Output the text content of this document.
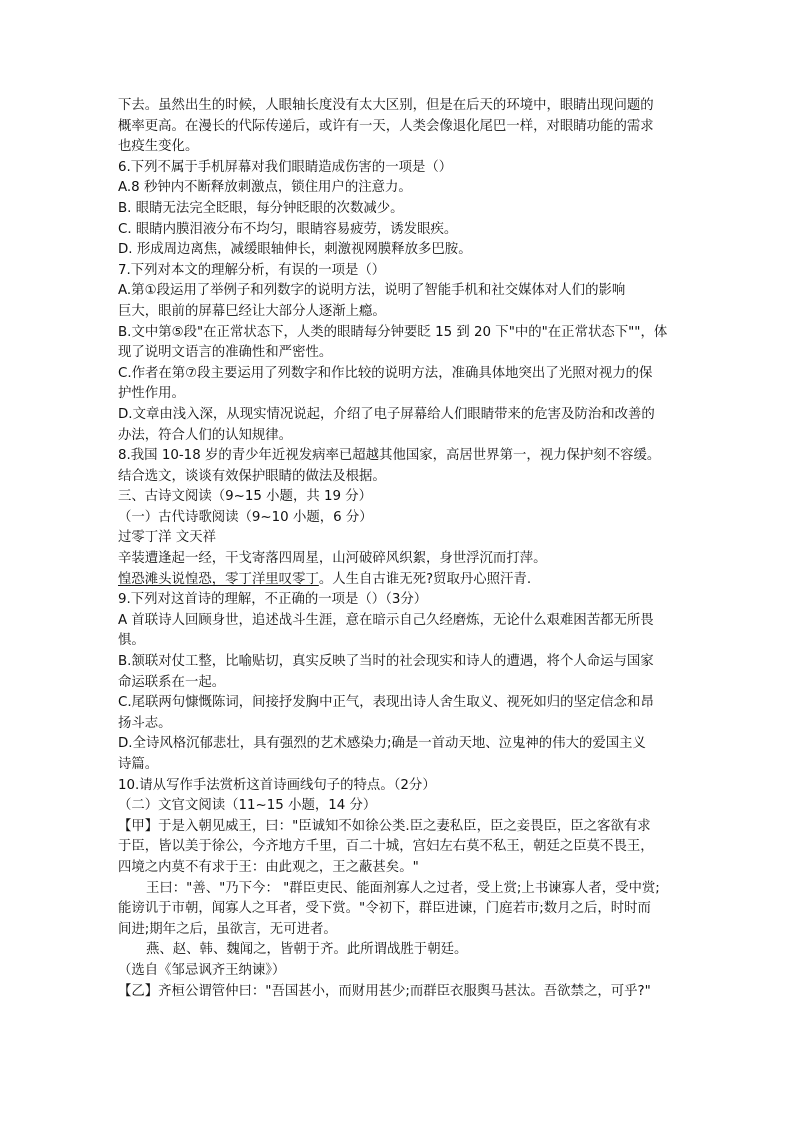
下去。虽然出生的时候，人眼轴长度没有太大区别，但是在后天的环境中，眼睛出现问题的
概率更高。在漫长的代际传递后，或许有一天，人类会像退化尾巴一样，对眼睛功能的需求
也疫生变化。
6.下列不属于手机屏幕对我们眼睛造成伤害的一项是（）
A.8 秒钟内不断释放刺激点，锁住用户的注意力。
B. 眼睛无法完全眨眼，每分钟眨眼的次数减少。
C. 眼睛内膜泪液分布不均匀，眼睛容易疲劳，诱发眼疾。
D. 形成周边离焦，减缓眼轴伸长，刺激视网膜释放多巴胺。
7.下列对本文的理解分析，有误的一项是（）
A.第①段运用了举例子和列数字的说明方法，说明了智能手机和社交媒体对人们的影响
巨大，眼前的屏幕巳经让大部分人逐渐上瘾。
B.文中第⑤段"在正常状态下，人类的眼睛每分钟要眨 15 到 20 下"中的"在正常状态下""，体
现了说明文语言的准确性和严密性。
C.作者在第⑦段主要运用了列数字和作比较的说明方法，准确具体地突出了光照对视力的保
护性作用。
D.文章由浅入深，从现实情况说起，介绍了电子屏幕给人们眼睛带来的危害及防治和改善的
办法，符合人们的认知规律。
8.我国 10-18 岁的青少年近视发病率已超越其他国家，高居世界第一，视力保护刻不容缓。
结合选文，谈谈有效保护眼睛的做法及根据。
三、古诗文阅读（9~15 小题，共 19 分）
（一）古代诗歌阅读（9~10 小题，6 分）
过零丁洋 文天祥
辛装遭逢起一经，干戈寄落四周星，山河破碎风织絮，身世浮沉而打萍。
惶恐滩头说惶恐，零丁洋里叹零丁。人生自古谁无死?贸取丹心照汗青.
9.下列对这首诗的理解，不正确的一项是（）（3分）
A 首联诗人回顾身世，追述战斗生涯，意在暗示自己久经磨炼，无论什么艰难困苦都无所畏
惧。
B.颔联对仗工整，比喻贴切，真实反映了当时的社会现实和诗人的遭遇，将个人命运与国家
命运联系在一起。
C.尾联两句慷慨陈词，间接抒发胸中正气，表现出诗人舍生取义、视死如归的坚定信念和昂
扬斗志。
D.全诗风格沉郁悲壮，具有强烈的艺术感染力;确是一首动天地、泣鬼神的伟大的爱国主义
诗篇。
10.请从写作手法赏析这首诗画线句子的特点。（2分）
（二）文官文阅读（11~15 小题，14 分）
【甲】于是入朝见威王，曰："臣诚知不如徐公类.臣之妻私臣，臣之妾畏臣，臣之客欲有求
于臣，皆以美于徐公，今齐地方千里，百二十城，宫妇左右莫不私王，朝廷之臣莫不畏王，
四境之内莫不有求于王：由此观之，王之蔽甚矣。"
王曰："善、"乃下今： "群臣吏民、能面剂寡人之过者，受上赏;上书谏寡人者，受中赏;
能谤讥于市朝，闻寡人之耳者，受下赏。"令初下，群臣进谏，门庭若市;数月之后，时时而
间进;期年之后，虽欲言，无可进者。
燕、赵、韩、魏闻之，皆朝于齐。此所谓战胜于朝廷。
（选自《邹忌讽齐王纳谏》）
【乙】齐桓公谓管仲曰："吾国甚小，而财用甚少;而群臣衣服舆马甚汰。吾欲禁之，可乎?"
